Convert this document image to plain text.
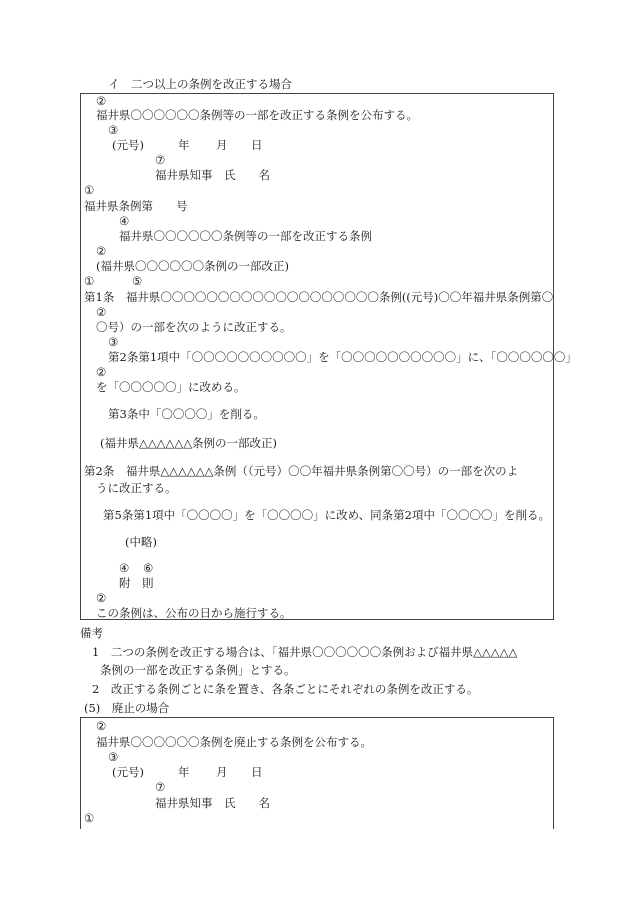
イ　二つ以上の条例を改正する場合
②
福井県〇〇〇〇〇〇条例等の一部を改正する条例を公布する。
③
(元号)	年 月 日
⑦
福井県知事　氏　　名
①
福井県条例第　　号
④
福井県〇〇〇〇〇〇条例等の一部を改正する条例
②
(福井県〇〇〇〇〇〇条例の一部改正)
①	⑤
第1条　福井県〇〇〇〇〇〇〇〇〇〇〇〇〇〇〇〇〇〇〇条例((元号)〇〇年福井県条例第〇
②
〇号）の一部を次のように改正する。
③
第2条第1項中「〇〇〇〇〇〇〇〇〇〇」を「〇〇〇〇〇〇〇〇〇〇」に、「〇〇〇〇〇〇」
②
を「〇〇〇〇〇」に改める。
第3条中「〇〇〇〇」を削る。
(福井県△△△△△△条例の一部改正)
第2条　福井県△△△△△△条例（（元号）〇〇年福井県条例第〇〇号）の一部を次のよ
うに改正する。
第5条第1項中「〇〇〇〇」を「〇〇〇〇」に改め、同条第2項中「〇〇〇〇」を削る。
(中略)
④ ⑥
附　則
②
この条例は、公布の日から施行する。
備考
1　二つの条例を改正する場合は、「福井県〇〇〇〇〇〇条例および福井県△△△△△
条例の一部を改正する条例」とする。
2　改正する条例ごとに条を置き、各条ごとにそれぞれの条例を改正する。
(5)　廃止の場合
②
福井県〇〇〇〇〇〇条例を廃止する条例を公布する。
③
(元号)	年 月 日
⑦
福井県知事　氏　　名
①
